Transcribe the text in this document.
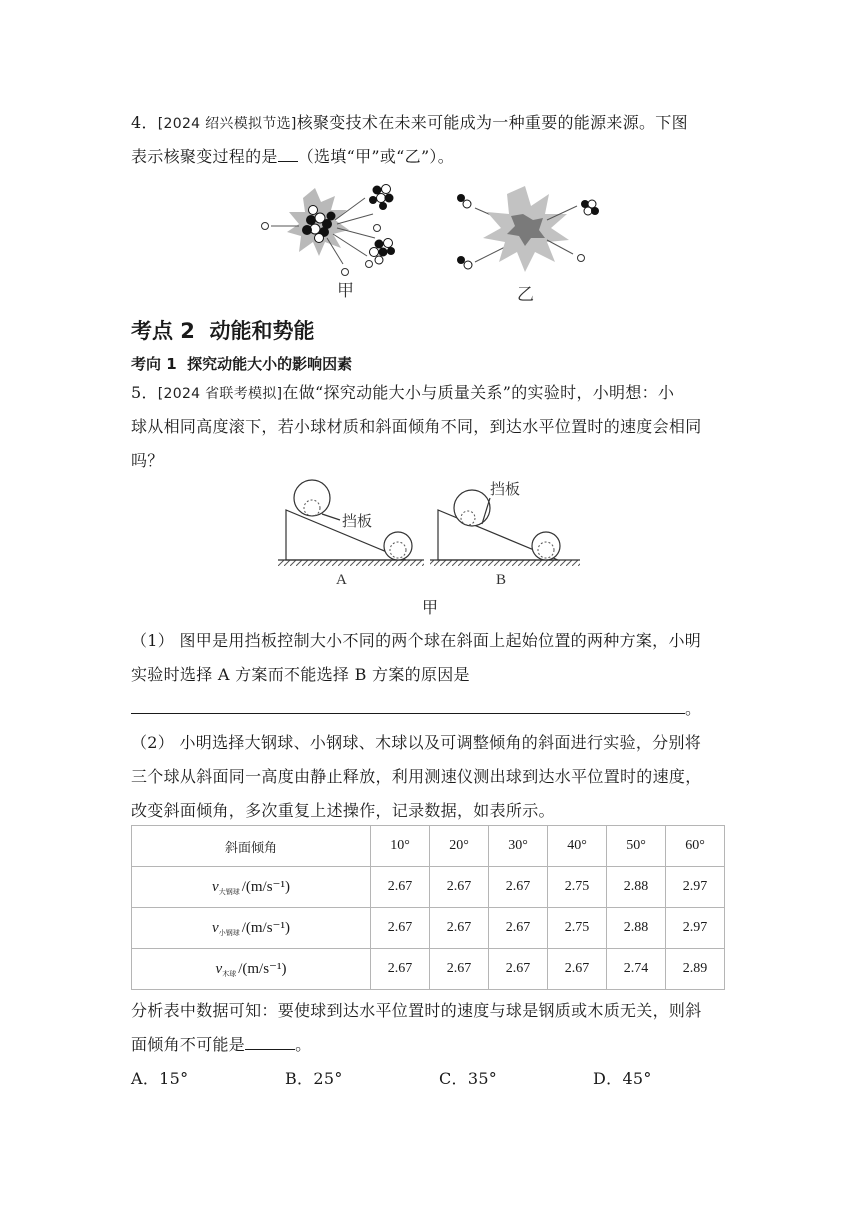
4．[2024 绍兴模拟节选]核聚变技术在未来可能成为一种重要的能源来源。下图
表示核聚变过程的是 （选填“甲”或“乙”）。
甲	乙
考点 2  动能和势能
考向 1  探究动能大小的影响因素
5．[2024 省联考模拟]在做“探究动能大小与质量关系”的实验时，小明想：小
球从相同高度滚下，若小球材质和斜面倾角不同，到达水平位置时的速度会相同
吗？
挡板
A
挡板
B
甲
（1） 图甲是用挡板控制大小不同的两个球在斜面上起始位置的两种方案，小明
实验时选择 A 方案而不能选择 B 方案的原因是
。
（2） 小明选择大钢球、小钢球、木球以及可调整倾角的斜面进行实验，分别将
三个球从斜面同一高度由静止释放，利用测速仪测出球到达水平位置时的速度，
改变斜面倾角，多次重复上述操作，记录数据，如表所示。
斜面倾角	10°	20°	30°	40°	50°	60°
$v_{大钢球}$ /(m/s⁻¹)	2.67	2.67	2.67	2.75	2.88	2.97
$v_{小钢球}$ /(m/s⁻¹)	2.67	2.67	2.67	2.75	2.88	2.97
$v_{木球}$ /(m/s⁻¹)	2.67	2.67	2.67	2.67	2.74	2.89
分析表中数据可知：要使球到达水平位置时的速度与球是钢质或木质无关，则斜
面倾角不可能是	。
A．15°	B．25°	C．35°	D．45°
